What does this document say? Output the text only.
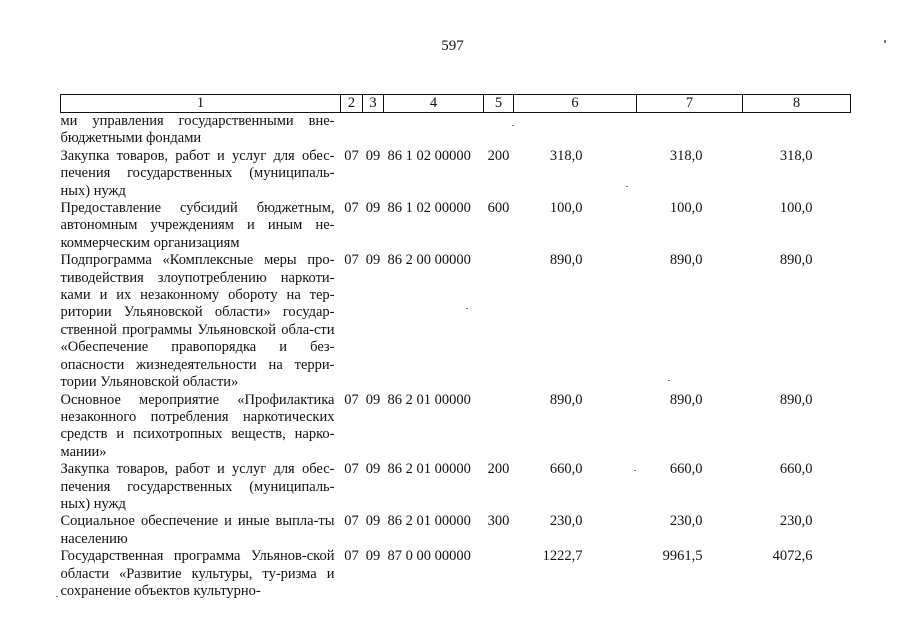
597
1	2	3	4	5	6	7	8
ми управления государственными вне-бюджетными фондами							
Закупка товаров, работ и услуг для обес-печения государственных (муниципаль-ных) нужд	07	09	86 1 02 00000	200	318,0	318,0	318,0
Предоставление субсидий бюджетным, автономным учреждениям и иным не-коммерческим организациям	07	09	86 1 02 00000	600	100,0	100,0	100,0
Подпрограмма «Комплексные меры про-тиводействия злоупотреблению наркоти-ками и их незаконному обороту на тер-ритории Ульяновской области» государ-ственной программы Ульяновской обла-сти «Обеспечение правопорядка и без-опасности жизнедеятельности на терри-тории Ульяновской области»	07	09	86 2 00 00000		890,0	890,0	890,0
Основное мероприятие «Профилактика незаконного потребления наркотических средств и психотропных веществ, нарко-мании»	07	09	86 2 01 00000		890,0	890,0	890,0
Закупка товаров, работ и услуг для обес-печения государственных (муниципаль-ных) нужд	07	09	86 2 01 00000	200	660,0	660,0	660,0
Социальное обеспечение и иные выпла-ты населению	07	09	86 2 01 00000	300	230,0	230,0	230,0
Государственная программа Ульянов-ской области «Развитие культуры, ту-ризма и сохранение объектов культурно-	07	09	87 0 00 00000		1222,7	9961,5	4072,6
